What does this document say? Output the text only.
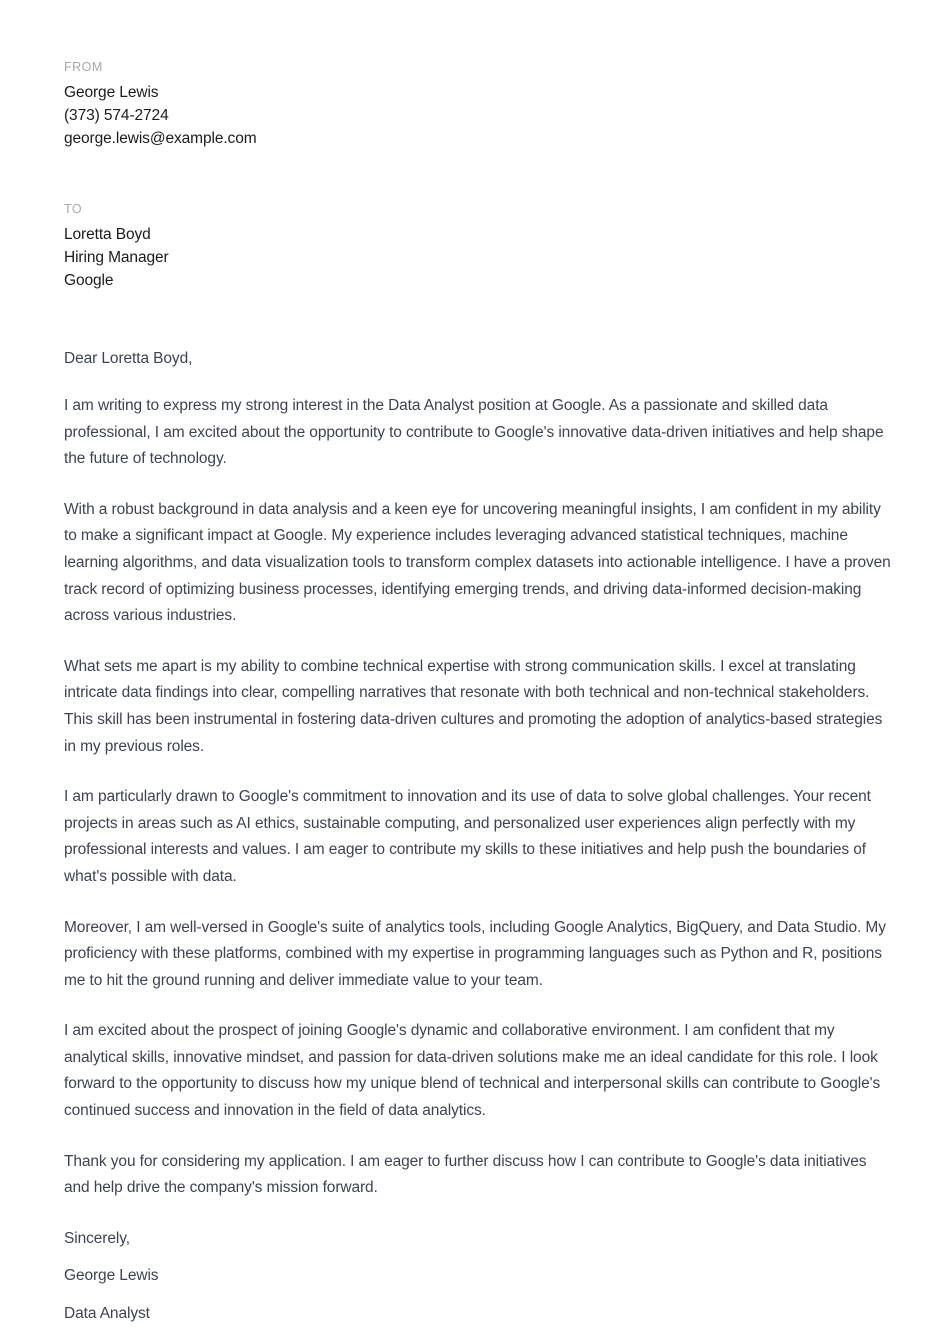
FROM
George Lewis
(373) 574-2724
george.lewis@example.com
TO
Loretta Boyd
Hiring Manager
Google
Dear Loretta Boyd,
I am writing to express my strong interest in the Data Analyst position at Google. As a passionate and skilled data professional, I am excited about the opportunity to contribute to Google's innovative data-driven initiatives and help shape the future of technology.
With a robust background in data analysis and a keen eye for uncovering meaningful insights, I am confident in my ability to make a significant impact at Google. My experience includes leveraging advanced statistical techniques, machine learning algorithms, and data visualization tools to transform complex datasets into actionable intelligence. I have a proven track record of optimizing business processes, identifying emerging trends, and driving data-informed decision-making across various industries.
What sets me apart is my ability to combine technical expertise with strong communication skills. I excel at translating intricate data findings into clear, compelling narratives that resonate with both technical and non-technical stakeholders. This skill has been instrumental in fostering data-driven cultures and promoting the adoption of analytics-based strategies in my previous roles.
I am particularly drawn to Google's commitment to innovation and its use of data to solve global challenges. Your recent projects in areas such as AI ethics, sustainable computing, and personalized user experiences align perfectly with my professional interests and values. I am eager to contribute my skills to these initiatives and help push the boundaries of what's possible with data.
Moreover, I am well-versed in Google's suite of analytics tools, including Google Analytics, BigQuery, and Data Studio. My proficiency with these platforms, combined with my expertise in programming languages such as Python and R, positions me to hit the ground running and deliver immediate value to your team.
I am excited about the prospect of joining Google's dynamic and collaborative environment. I am confident that my analytical skills, innovative mindset, and passion for data-driven solutions make me an ideal candidate for this role. I look forward to the opportunity to discuss how my unique blend of technical and interpersonal skills can contribute to Google's continued success and innovation in the field of data analytics.
Thank you for considering my application. I am eager to further discuss how I can contribute to Google's data initiatives and help drive the company's mission forward.
Sincerely,
George Lewis
Data Analyst
